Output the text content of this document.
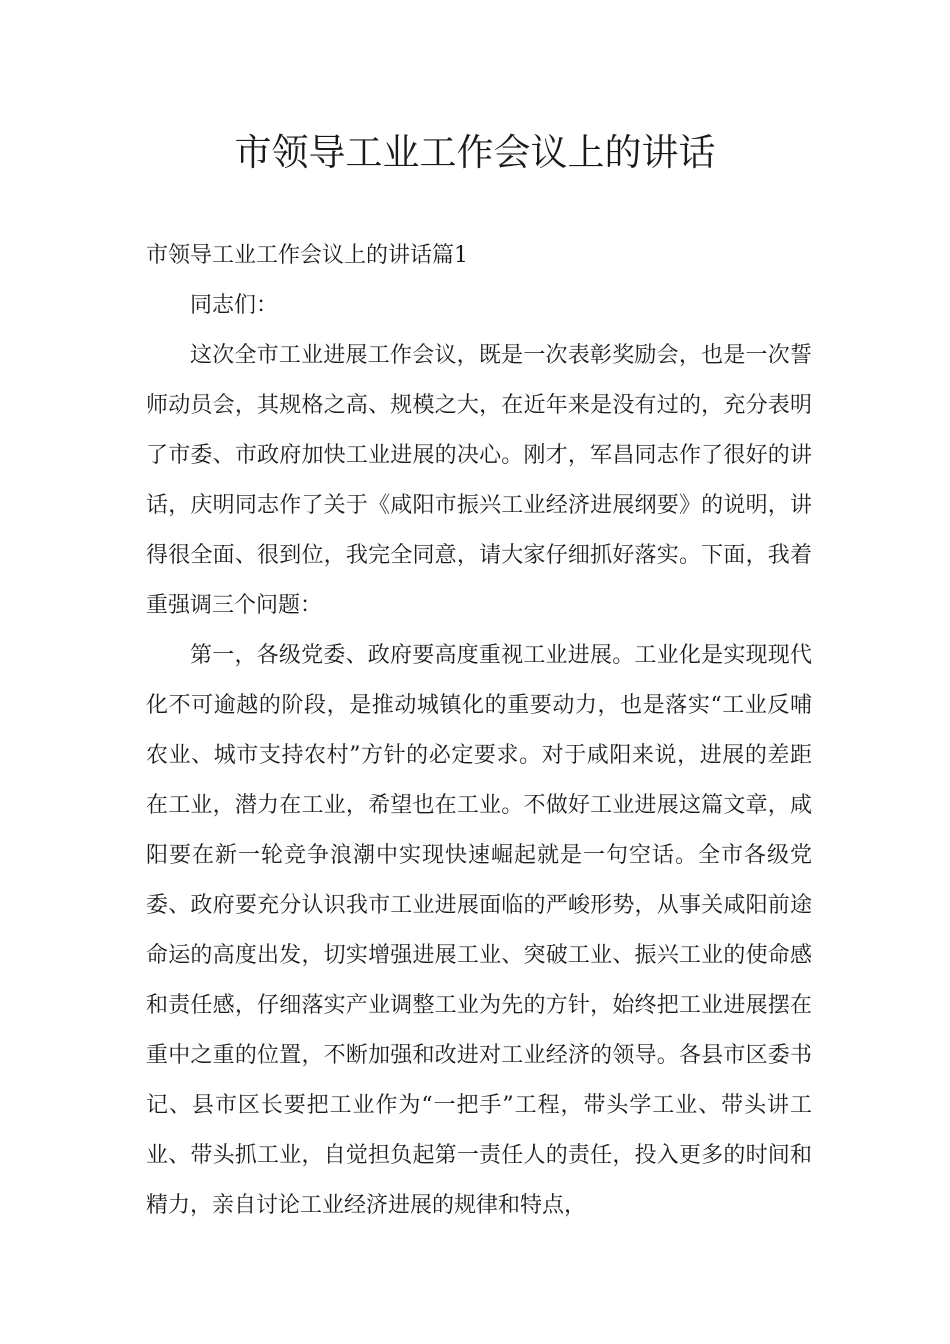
市领导工业工作会议上的讲话

市领导工业工作会议上的讲话篇1

同志们：

这次全市工业进展工作会议，既是一次表彰奖励会，也是一次誓师动员会，其规格之高、规模之大，在近年来是没有过的，充分表明了市委、市政府加快工业进展的决心。刚才，军昌同志作了很好的讲话，庆明同志作了关于《咸阳市振兴工业经济进展纲要》的说明，讲得很全面、很到位，我完全同意，请大家仔细抓好落实。下面，我着重强调三个问题：

第一，各级党委、政府要高度重视工业进展。工业化是实现现代化不可逾越的阶段，是推动城镇化的重要动力，也是落实“工业反哺农业、城市支持农村”方针的必定要求。对于咸阳来说，进展的差距在工业，潜力在工业，希望也在工业。不做好工业进展这篇文章，咸阳要在新一轮竞争浪潮中实现快速崛起就是一句空话。全市各级党委、政府要充分认识我市工业进展面临的严峻形势，从事关咸阳前途命运的高度出发，切实增强进展工业、突破工业、振兴工业的使命感和责任感，仔细落实产业调整工业为先的方针，始终把工业进展摆在重中之重的位置，不断加强和改进对工业经济的领导。各县市区委书记、县市区长要把工业作为“一把手”工程，带头学工业、带头讲工业、带头抓工业，自觉担负起第一责任人的责任，投入更多的时间和精力，亲自讨论工业经济进展的规律和特点，
